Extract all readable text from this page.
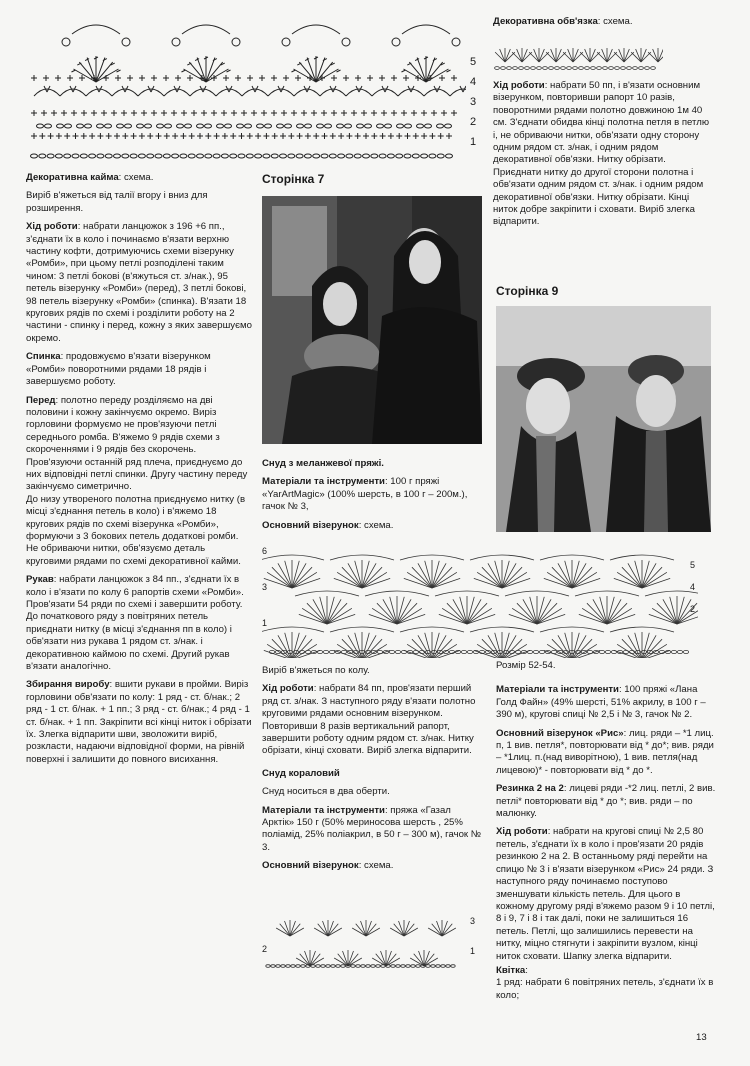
5
4
3
2
1

Декоративна кайма: схема.

Виріб в'яжеться від талії вгору і вниз для розширення.

Хід роботи: набрати ланцюжок з 196 +6 пп., з'єднати їх в коло і починаємо в'язати верхню частину кофти, дотримуючись схеми візерунку «Ромби», при цьому петлі розподілені таким чином: 3 петлі бокові (в'яжуться ст. з/нак.), 95 петель візерунку «Ромби» (перед), 3 петлі бокові, 98 петель візерунку «Ромби» (спинка). В'язати 18 кругових рядів по схемі і розділити роботу на 2 частини - спинку і перед, кожну з яких завершуємо окремо.

Спинка: продовжуємо в'язати візерунком «Ромби» поворотними рядами 18 рядів і завершуємо роботу.

Перед: полотно переду розділяємо на дві половини і кожну закінчуємо окремо. Виріз горловини формуємо не пров'язуючи петлі середнього ромба. В'яжемо 9 рядів схеми з скороченнями і 9 рядів без скорочень. Пров'язуючи останній ряд плеча, приєднуємо до них відповідні петлі спинки. Другу частину переду закінчуємо симетрично.

До низу утвореного полотна приєднуємо нитку (в місці з'єднання петель в коло) і в'яжемо 18 кругових рядів по схемі візерунка «Ромби», формуючи з 3 бокових петель додаткові ромби. Не обриваючи нитки, обв'язуємо деталь круговими рядами по схемі декоративної кайми.

Рукав: набрати ланцюжок з 84 пп., з'єднати їх в коло і в'язати по колу 6 рапортів схеми «Ромби». Пров'язати 54 ряди по схемі і завершити роботу. До початкового ряду з повітряних петель приєднати нитку (в місці з'єднання пп в коло) і обв'язати низ рукава 1 рядом ст. з/нак. і декоративною каймою по схемі. Другий рукав в'язати аналогічно.

Збирання виробу: вшити рукави в пройми. Виріз горловини обв'язати по колу: 1 ряд - ст. б/нак.; 2 ряд - 1 ст. б/нак. + 1 пп.; 3 ряд - ст. б/нак.; 4 ряд - 1 ст. б/нак. + 1 пп. Закріпити всі кінці ниток і обрізати їх. Злегка відпарити шви, зволожити виріб, розкласти, надаючи відповідної форми, на рівній поверхні і залишити до повного висихання.

Сторінка 7

Снуд з меланжевої пряжі.

Матеріали та інструменти: 100 г пряжі «YarArtMagic» (100% шерсть, в 100 г – 200м.), гачок № 3,

Основний візерунок: схема.

6
3
1
5
4
2

Виріб в'яжеться по колу.

Хід роботи: набрати 84 пп, пров'язати перший ряд ст. з/нак. З наступного ряду в'язати полотно круговими рядами основним візерунком. Повторивши 8 разів вертикальний рапорт, завершити роботу одним рядом ст. з/нак. Нитку обрізати, кінці сховати. Виріб злегка відпарити.

Снуд кораловий

Снуд носиться в два оберти.

Матеріали та інструменти: пряжа «Газал Арктік» 150 г (50% мериносова шерсть , 25% поліамід, 25% поліакрил, в 50 г – 300 м), гачок № 3.

Основний візерунок: схема.

2
3
1
Декоративна обв'язка: схема.

Хід роботи: набрати 50 пп, і в'язати основним візерунком, повторивши рапорт 10 разів, поворотними рядами полотно довжиною 1м 40 см. З'єднати обидва кінці полотна петля в петлю і, не обриваючи нитки, обв'язати одну сторону одним рядом ст. з/нак, і одним рядом декоративної обв'язки. Нитку обрізати. Приєднати нитку до другої сторони полотна і обв'язати одним рядом ст. з/нак. і одним рядом декоративної обв'язки. Нитку обрізати. Кінці ниток добре закріпити і сховати. Виріб злегка відпарити.

Сторінка 9

Розмір 52-54.

Матеріали та інструменти: 100 пряжі «Лана Голд Файн» (49% шерсті, 51% акрилу, в 100 г – 390 м), кругові спиці № 2,5 і № 3, гачок № 2.

Основний візерунок «Рис»: лиц. ряди – *1 лиц. п, 1 вив. петля*, повторювати від * до*; вив. ряди – *1лиц. п.(над виворітною), 1 вив. петля(над лицевою)* - повторювати від * до *.

Резинка 2 на 2: лицеві ряди -*2 лиц. петлі, 2 вив. петлі* повторювати від * до *; вив. ряди – по малюнку.

Хід роботи: набрати на кругові спиці № 2,5 80 петель, з'єднати їх в коло і пров'язати 20 рядів резинкою 2 на 2. В останньому ряді перейти на спицю № 3 і в'язати візерунком «Рис» 24 ряди. З наступного ряду починаємо поступово зменшувати кількість петель. Для цього в кожному другому ряді в'яжемо разом 9 і 10 петлі, 8 і 9, 7 і 8 і так далі, поки не залишиться 16 петель. Петлі, що залишились перевести на нитку, міцно стягнути і закріпити вузлом, кінці ниток сховати. Шапку злегка відпарити.

Квітка:

1 ряд: набрати 6 повітряних петель, з'єднати їх в коло;

13
